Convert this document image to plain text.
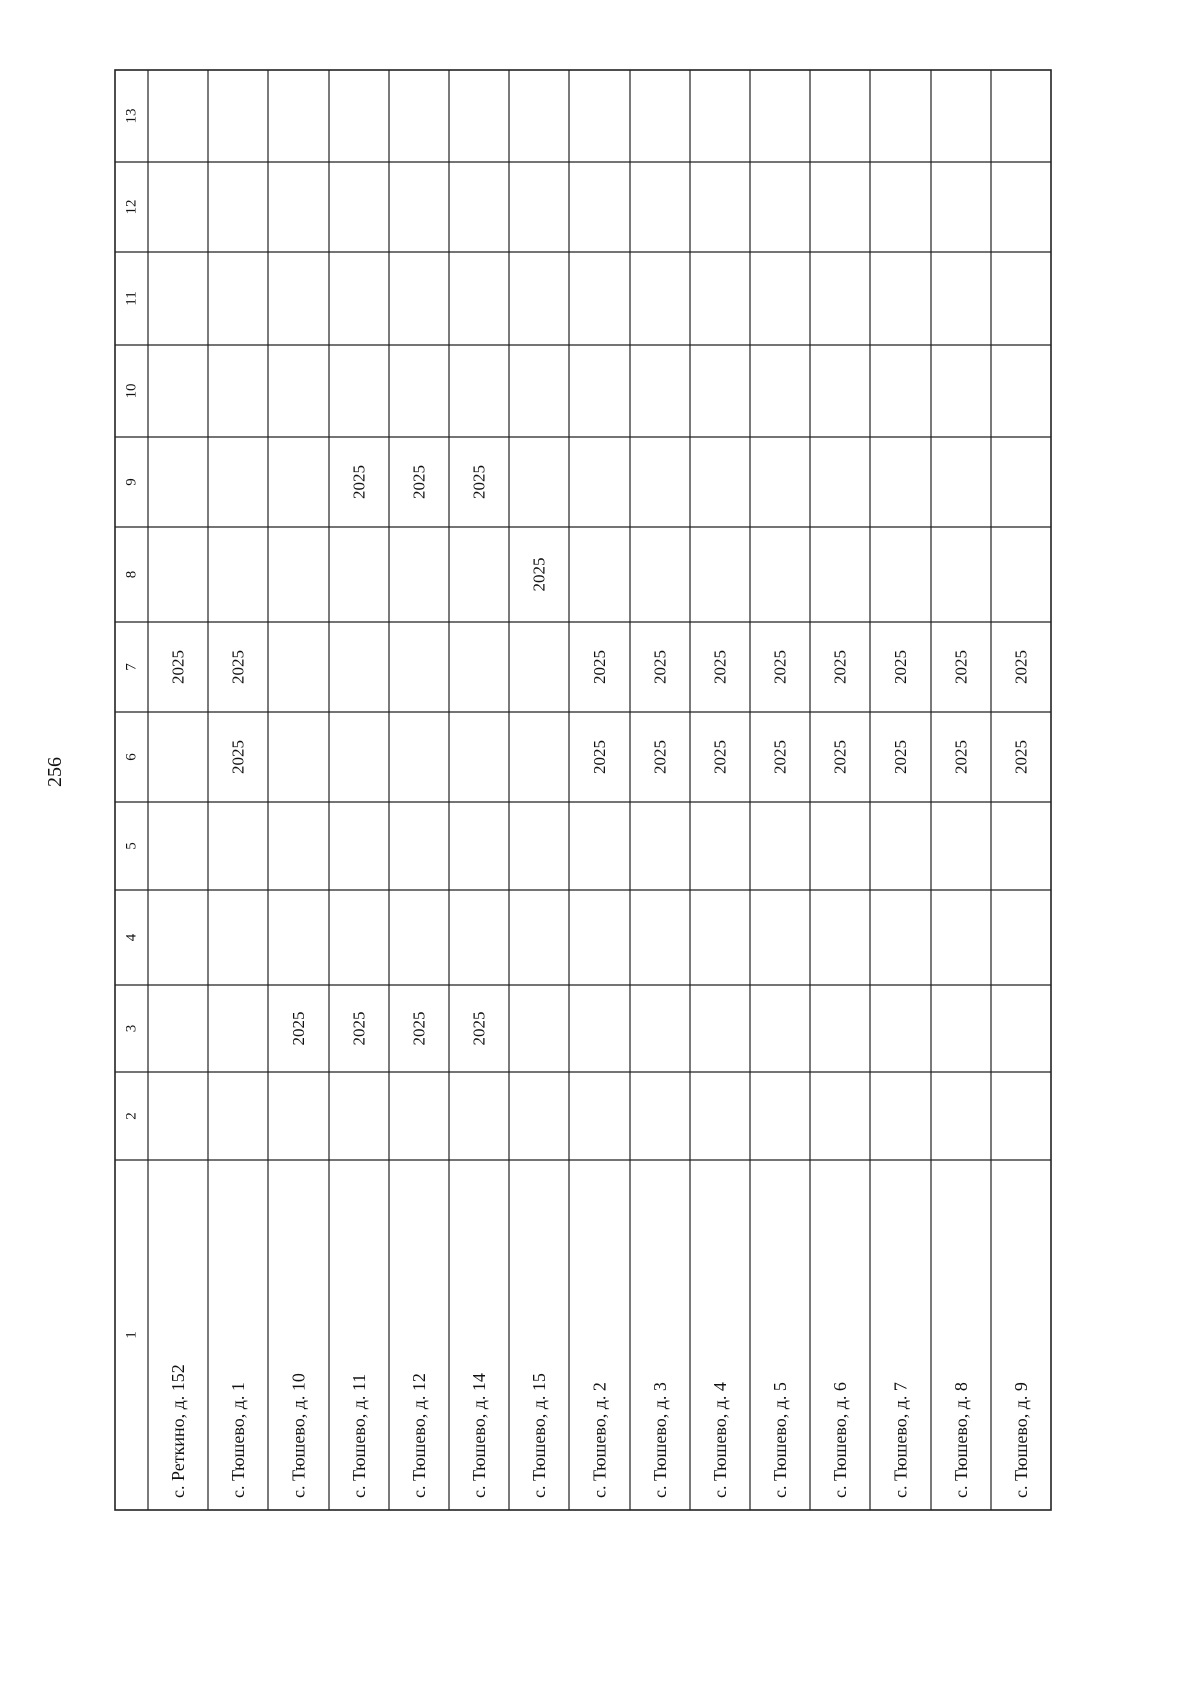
256
1
2
3
4
5
6
7
8
9
10
11
12
13
с. Реткино, д. 152
2025
с. Тюшево, д. 1
2025
2025
с. Тюшево, д. 10
2025
с. Тюшево, д. 11
2025
2025
с. Тюшево, д. 12
2025
2025
с. Тюшево, д. 14
2025
2025
с. Тюшево, д. 15
2025
с. Тюшево, д. 2
2025
2025
с. Тюшево, д. 3
2025
2025
с. Тюшево, д. 4
2025
2025
с. Тюшево, д. 5
2025
2025
с. Тюшево, д. 6
2025
2025
с. Тюшево, д. 7
2025
2025
с. Тюшево, д. 8
2025
2025
с. Тюшево, д. 9
2025
2025
